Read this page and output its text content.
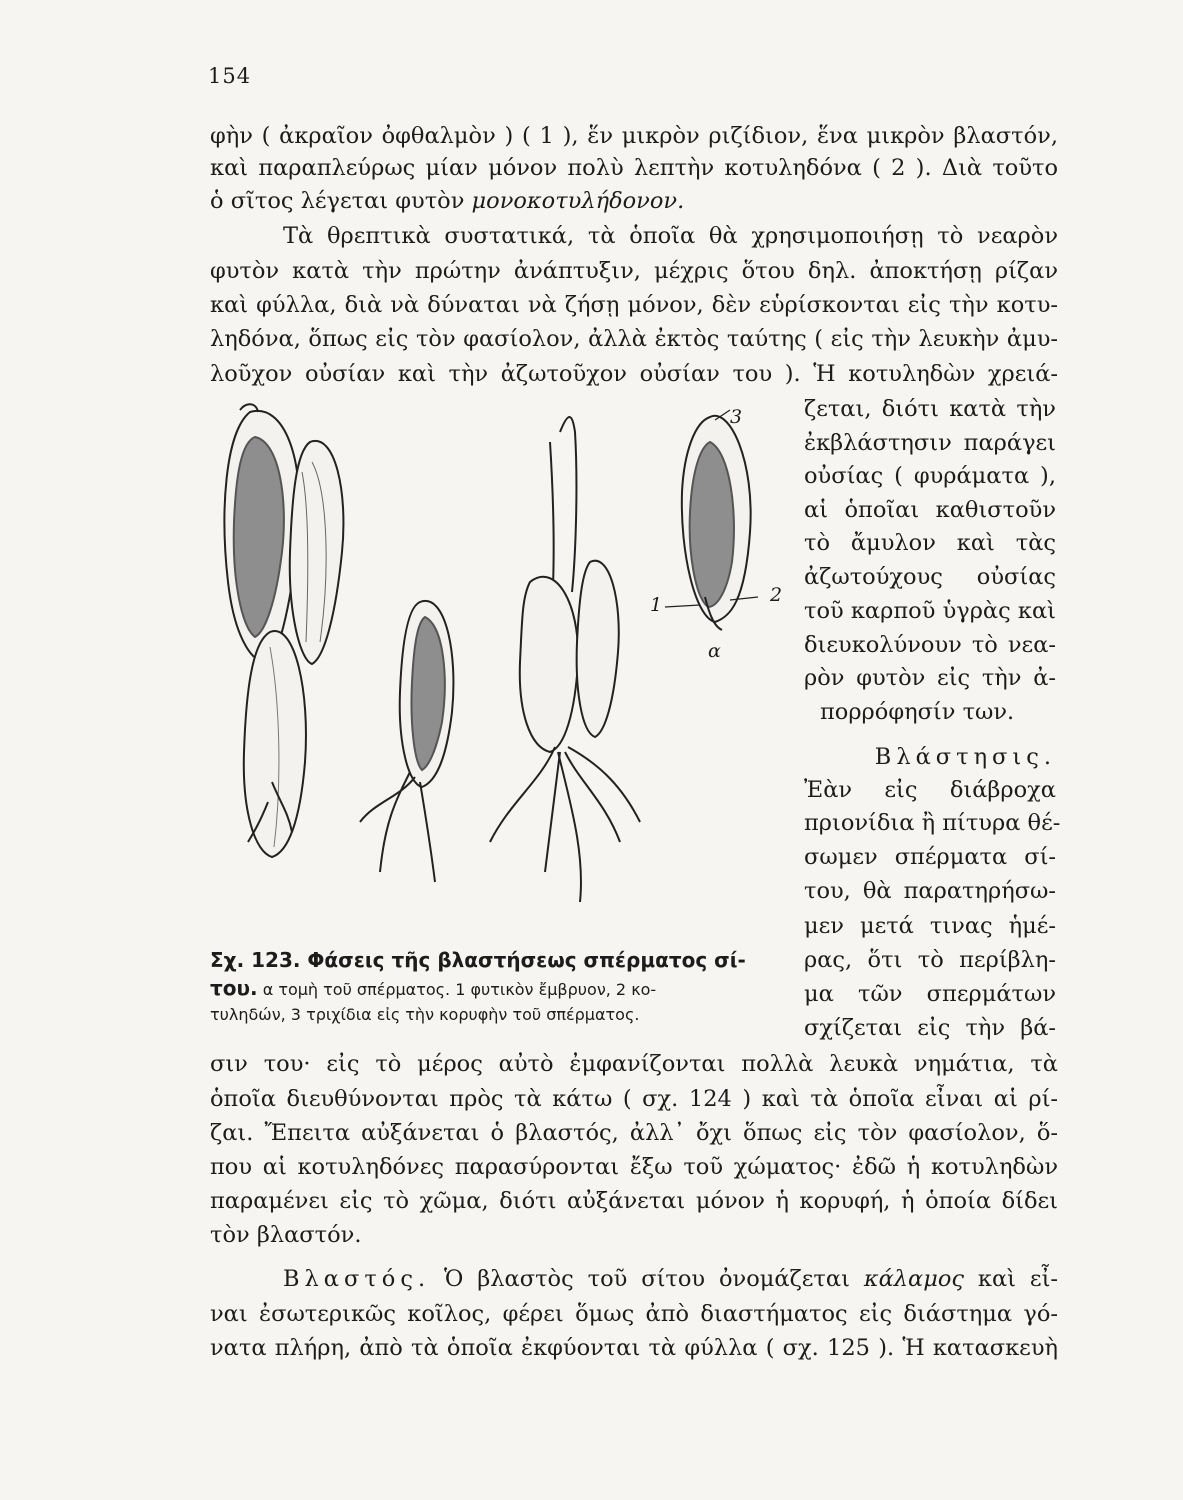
154
φὴν ( ἀκραῖον ὀφθαλμὸν ) ( 1 ), ἕν μικρὸν ριζίδιον, ἕνα μικρὸν βλαστόν,
καὶ παραπλεύρως μίαν μόνον πολὺ λεπτὴν κοτυληδόνα ( 2 ). Διὰ τοῦτο
ὁ σῖτος λέγεται φυτὸν μονοκοτυλήδονον.
Τὰ θρεπτικὰ συστατικά, τὰ ὁποῖα θὰ χρησιμοποιήσῃ τὸ νεαρὸν
φυτὸν κατὰ τὴν πρώτην ἀνάπτυξιν, μέχρις ὅτου δηλ. ἀποκτήσῃ ρίζαν
καὶ φύλλα, διὰ νὰ δύναται νὰ ζήσῃ μόνον, δὲν εὑρίσκονται εἰς τὴν κοτυ-
ληδόνα, ὅπως εἰς τὸν φασίολον, ἀλλὰ ἐκτὸς ταύτης ( εἰς τὴν λευκὴν ἀμυ-
λοῦχον οὐσίαν καὶ τὴν ἀζωτοῦχον οὐσίαν του ). Ἡ κοτυληδὼν χρειά-
ζεται, διότι κατὰ τὴν
ἐκβλάστησιν παράγει
οὐσίας ( φυράματα ),
αἱ ὁποῖαι καθιστοῦν
τὸ ἄμυλον καὶ τὰς
ἀζωτούχους οὐσίας
τοῦ καρποῦ ὑγρὰς καὶ
διευκολύνουν τὸ νεα-
ρὸν φυτὸν εἰς τὴν ἀ-
πορρόφησίν των.
Βλάστησις.
Ἐὰν εἰς διάβροχα
πριονίδια ἢ πίτυρα θέ-
σωμεν σπέρματα σί-
του, θὰ παρατηρήσω-
μεν μετά τινας ἡμέ-
ρας, ὅτι τὸ περίβλη-
μα τῶν σπερμάτων
σχίζεται εἰς τὴν βά-
1	2
3
α
Σχ. 123. Φάσεις τῆς βλαστήσεως σπέρματος σί-
του. α τομὴ τοῦ σπέρματος. 1 φυτικὸν ἔμβρυον, 2 κο-
τυληδών, 3 τριχίδια εἰς τὴν κορυφὴν τοῦ σπέρματος.
σιν του· εἰς τὸ μέρος αὐτὸ ἐμφανίζονται πολλὰ λευκὰ νημάτια, τὰ
ὁποῖα διευθύνονται πρὸς τὰ κάτω ( σχ. 124 ) καὶ τὰ ὁποῖα εἶναι αἱ ρί-
ζαι. Ἔπειτα αὐξάνεται ὁ βλαστός, ἀλλ᾽ ὄχι ὅπως εἰς τὸν φασίολον, ὅ-
που αἱ κοτυληδόνες παρασύρονται ἔξω τοῦ χώματος· ἐδῶ ἡ κοτυληδὼν
παραμένει εἰς τὸ χῶμα, διότι αὐξάνεται μόνον ἡ κορυφή, ἡ ὁποία δίδει
τὸν βλαστόν.
Βλαστός. Ὁ βλαστὸς τοῦ σίτου ὀνομάζεται κάλαμος καὶ εἶ-
ναι ἐσωτερικῶς κοῖλος, φέρει ὅμως ἀπὸ διαστήματος εἰς διάστημα γό-
νατα πλήρη, ἀπὸ τὰ ὁποῖα ἐκφύονται τὰ φύλλα ( σχ. 125 ). Ἡ κατασκευὴ
